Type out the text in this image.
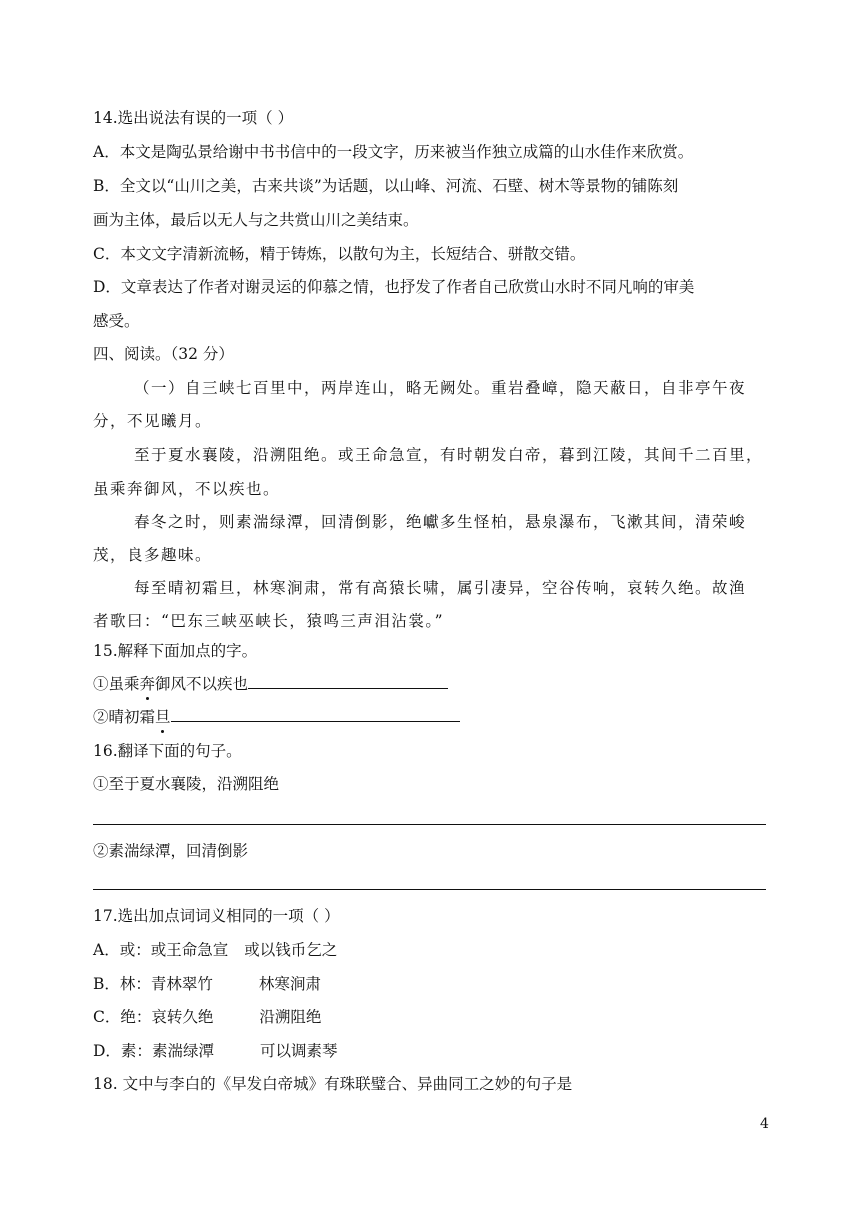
14.选出说法有误的一项（ ）
A．本文是陶弘景给谢中书书信中的一段文字，历来被当作独立成篇的山水佳作来欣赏。
B．全文以“山川之美，古来共谈”为话题，以山峰、河流、石壁、树木等景物的铺陈刻
画为主体，最后以无人与之共赏山川之美结束。
C．本文文字清新流畅，精于铸炼，以散句为主，长短结合、骈散交错。
D．文章表达了作者对谢灵运的仰慕之情，也抒发了作者自己欣赏山水时不同凡响的审美
感受。
四、阅读。（32 分）
（一）自三峡七百里中，两岸连山，略无阙处。重岩叠嶂，隐天蔽日，自非亭午夜
分，不见曦月。
至于夏水襄陵，沿溯阻绝。或王命急宣，有时朝发白帝，暮到江陵，其间千二百里，
虽乘奔御风，不以疾也。
春冬之时，则素湍绿潭，回清倒影，绝巘多生怪柏，悬泉瀑布，飞漱其间，清荣峻
茂，良多趣味。
每至晴初霜旦，林寒涧肃，常有高猿长啸，属引凄异，空谷传响，哀转久绝。故渔
者歌曰：“巴东三峡巫峡长，猿鸣三声泪沾裳。”
15.解释下面加点的字。
①虽乘奔御风不以疾也
②晴初霜旦
16.翻译下面的句子。
①至于夏水襄陵，沿溯阻绝
②素湍绿潭，回清倒影
17.选出加点词词义相同的一项（ ）
A．或：或王命急宣 或以钱币乞之
B．林：青林翠竹	林寒涧肃
C．绝：哀转久绝	沿溯阻绝
D．素：素湍绿潭	可以调素琴
18. 文中与李白的《早发白帝城》有珠联璧合、异曲同工之妙的句子是
4
